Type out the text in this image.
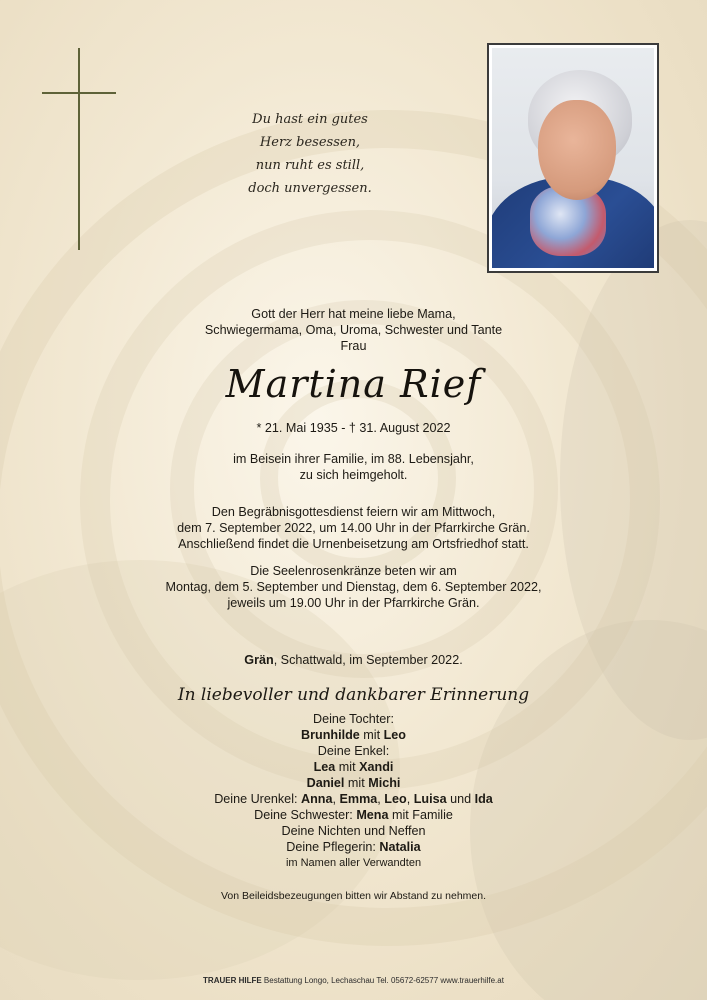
Du hast ein gutes
Herz besessen,
nun ruht es still,
doch unvergessen.
Gott der Herr hat meine liebe Mama,
Schwiegermama, Oma, Uroma, Schwester und Tante
Frau
Martina Rief
* 21. Mai 1935 - † 31. August 2022
im Beisein ihrer Familie, im 88. Lebensjahr,
zu sich heimgeholt.
Den Begräbnisgottesdienst feiern wir am Mittwoch,
dem 7. September 2022, um 14.00 Uhr in der Pfarrkirche Grän.
Anschließend findet die Urnenbeisetzung am Ortsfriedhof statt.
Die Seelenrosenkränze beten wir am
Montag, dem 5. September und Dienstag, dem 6. September 2022,
jeweils um 19.00 Uhr in der Pfarrkirche Grän.
Grän, Schattwald, im September 2022.
In liebevoller und dankbarer Erinnerung
Deine Tochter:
Brunhilde mit Leo
Deine Enkel:
Lea mit Xandi
Daniel mit Michi
Deine Urenkel: Anna, Emma, Leo, Luisa und Ida
Deine Schwester: Mena mit Familie
Deine Nichten und Neffen
Deine Pflegerin: Natalia
im Namen aller Verwandten
Von Beileidsbezeugungen bitten wir Abstand zu nehmen.
TRAUER HILFE Bestattung Longo, Lechaschau Tel. 05672-62577 www.trauerhilfe.at
